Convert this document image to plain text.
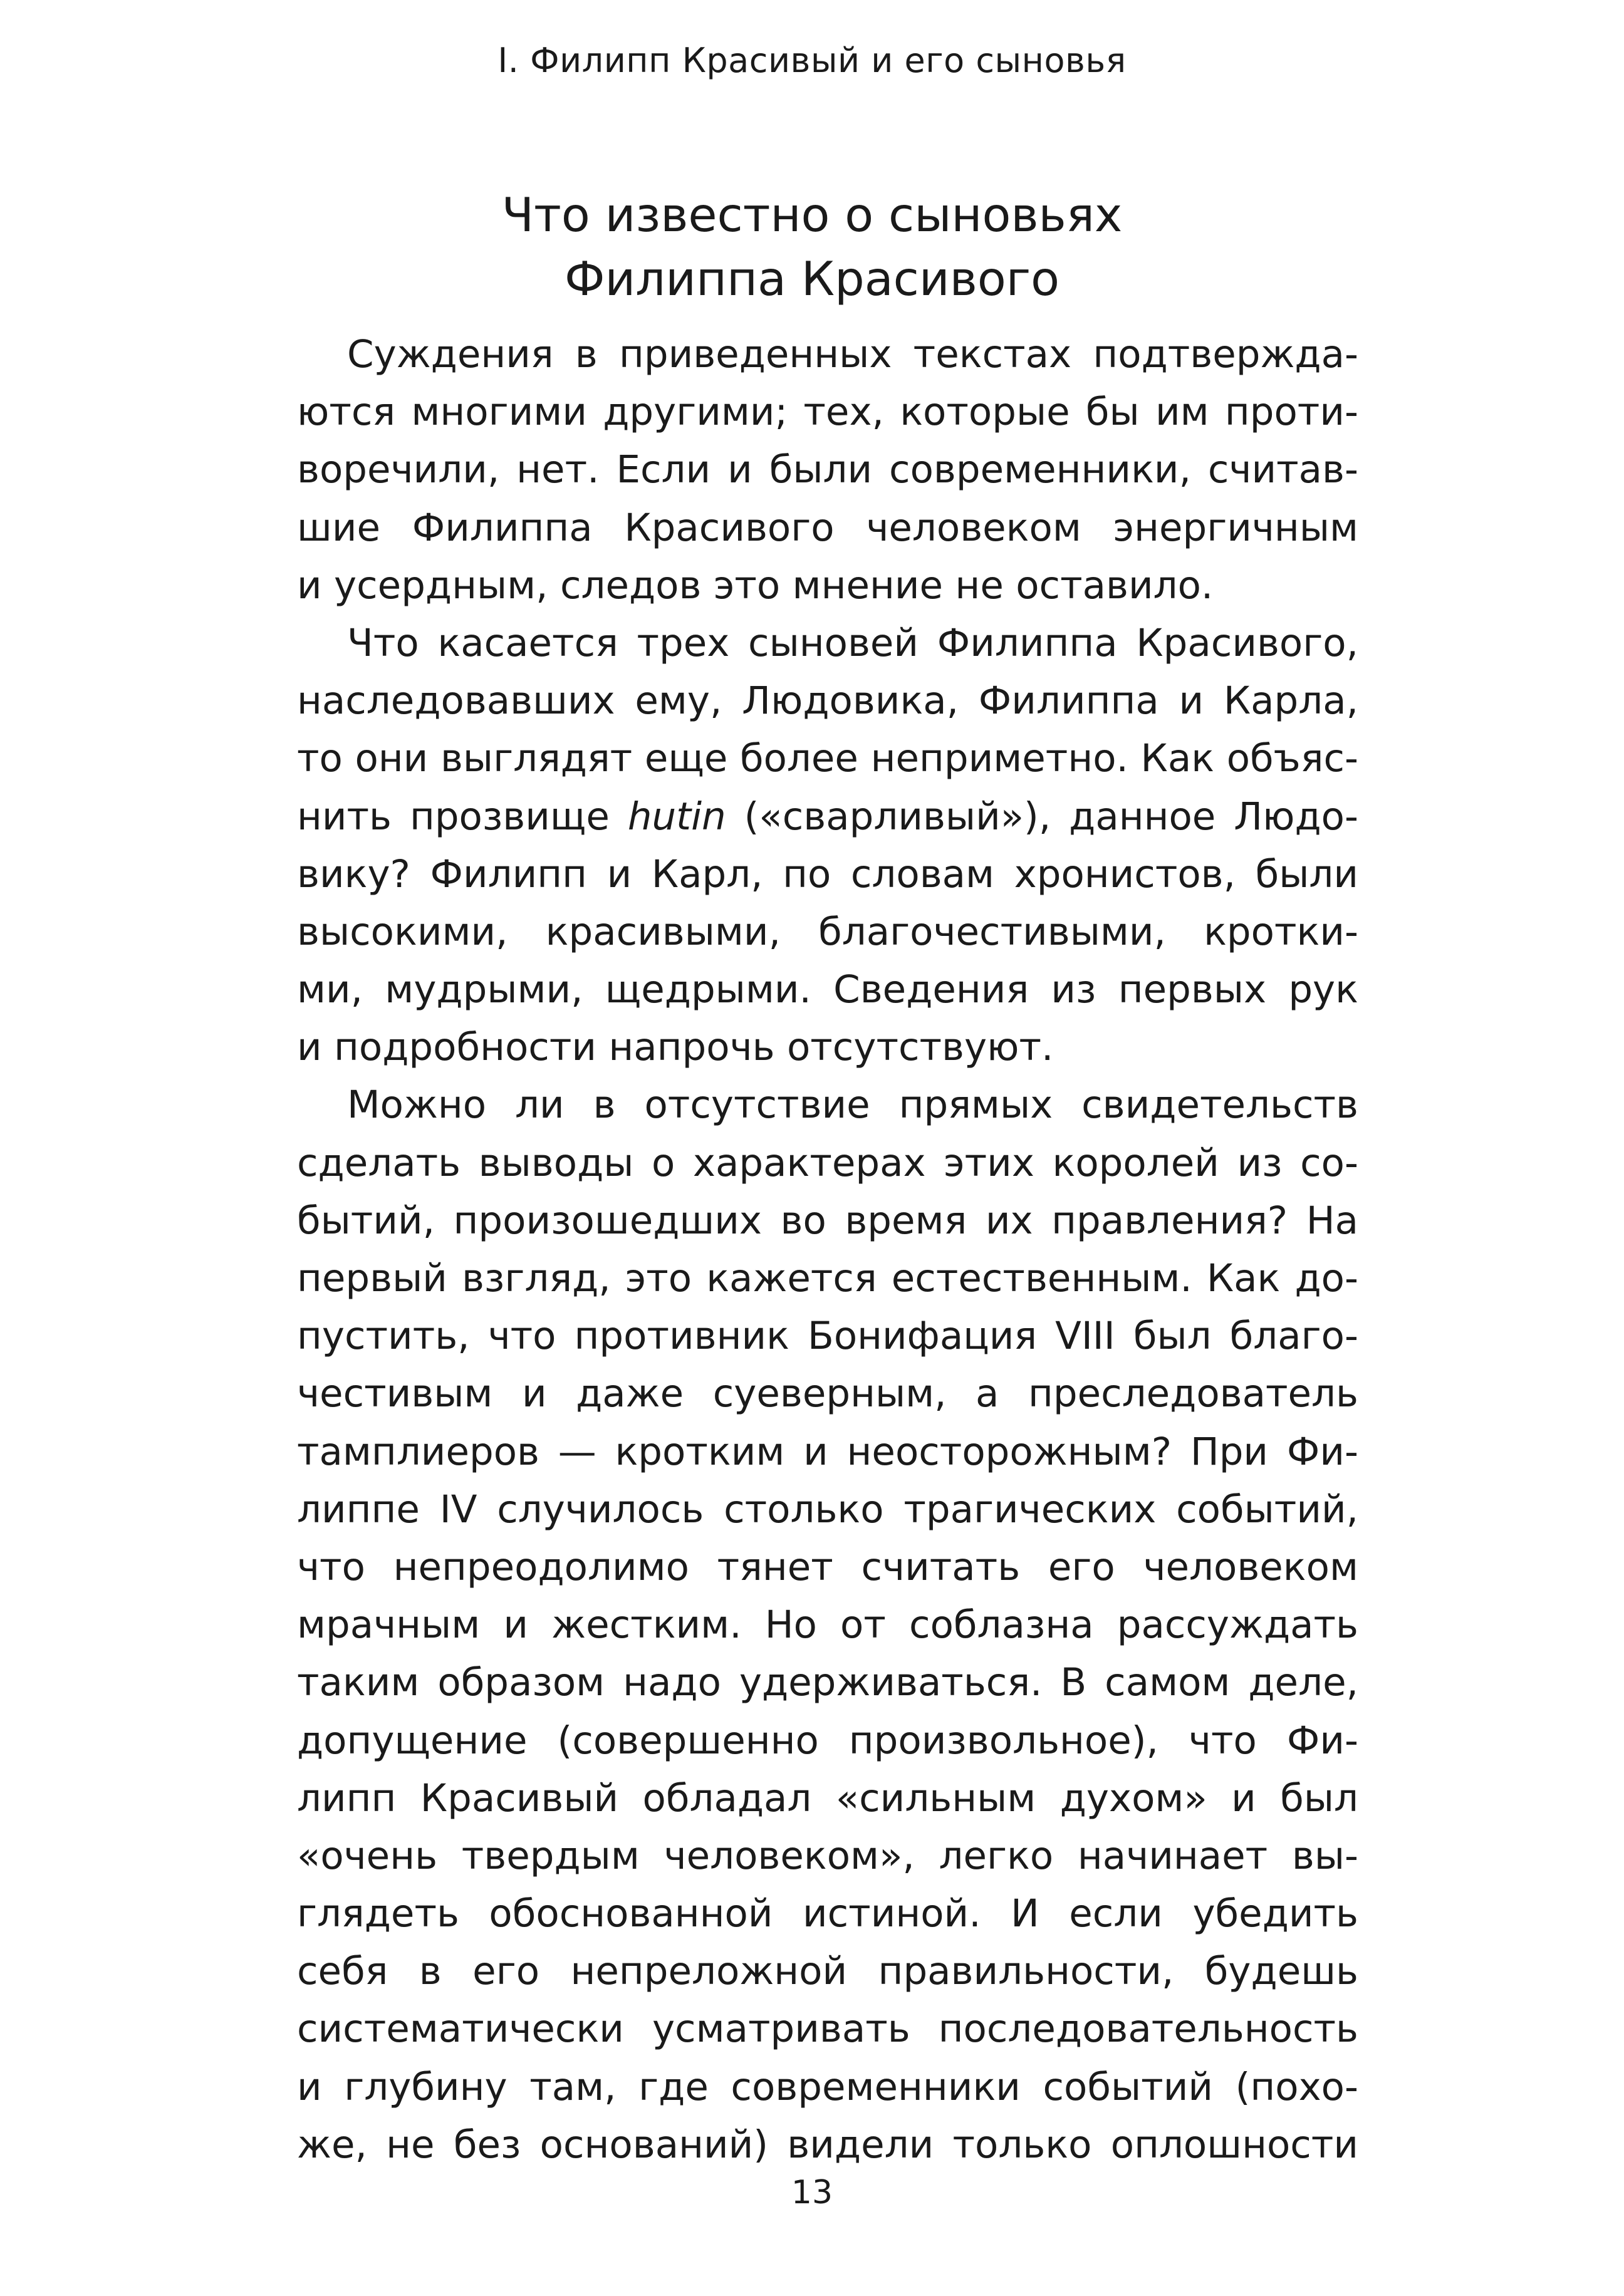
I. Филипп Красивый и его сыновья
Что известно о сыновьях
Филиппа Красивого
Суждения в приведенных текстах подтвержда-
ются многими другими; тех, которые бы им проти-
воречили, нет. Если и были современники, считав-
шие Филиппа Красивого человеком энергичным
и усердным, следов это мнение не оставило.
Что касается трех сыновей Филиппа Красивого,
наследовавших ему, Людовика, Филиппа и Карла,
то они выглядят еще более неприметно. Как объяс-
нить прозвище hutin («сварливый»), данное Людо-
вику? Филипп и Карл, по словам хронистов, были
высокими, красивыми, благочестивыми, кротки-
ми, мудрыми, щедрыми. Сведения из первых рук
и подробности напрочь отсутствуют.
Можно ли в отсутствие прямых свидетельств
сделать выводы о характерах этих королей из со-
бытий, произошедших во время их правления? На
первый взгляд, это кажется естественным. Как до-
пустить, что противник Бонифация VIII был благо-
честивым и даже суеверным, а преследователь
тамплиеров — кротким и неосторожным? При Фи-
липпе IV случилось столько трагических событий,
что непреодолимо тянет считать его человеком
мрачным и жестким. Но от соблазна рассуждать
таким образом надо удерживаться. В самом деле,
допущение (совершенно произвольное), что Фи-
липп Красивый обладал «сильным духом» и был
«очень твердым человеком», легко начинает вы-
глядеть обоснованной истиной. И если убедить
себя в его непреложной правильности, будешь
систематически усматривать последовательность
и глубину там, где современники событий (похо-
же, не без оснований) видели только оплошности
13
